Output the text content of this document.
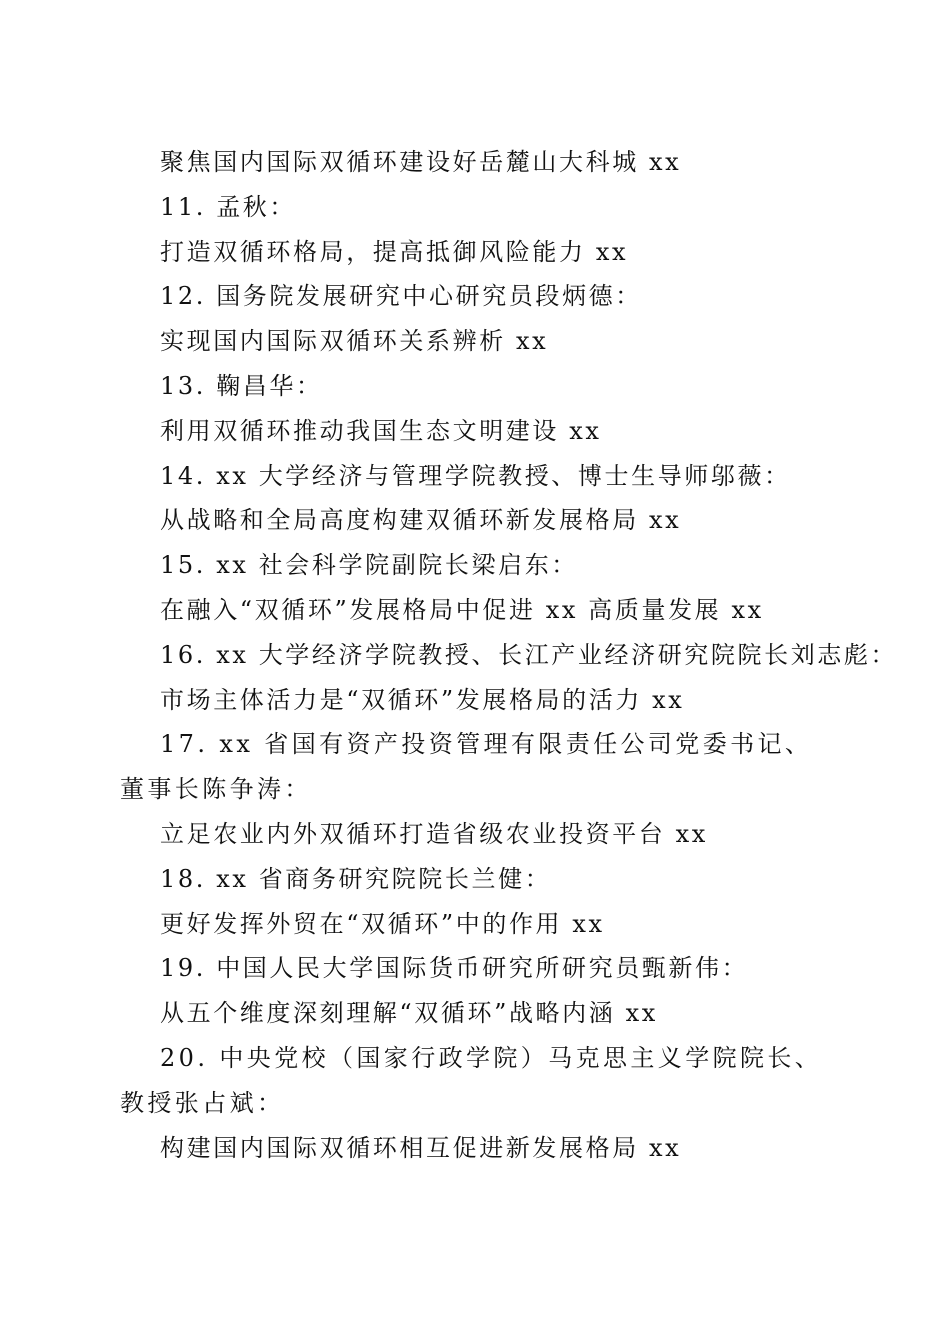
聚焦国内国际双循环建设好岳麓山大科城 xx

11. 孟秋：

打造双循环格局，提高抵御风险能力 xx

12. 国务院发展研究中心研究员段炳德：

实现国内国际双循环关系辨析 xx

13. 鞠昌华：

利用双循环推动我国生态文明建设 xx

14. xx 大学经济与管理学院教授、博士生导师邬薇：

从战略和全局高度构建双循环新发展格局 xx

15. xx 社会科学院副院长梁启东：

在融入“双循环”发展格局中促进 xx 高质量发展 xx

16. xx 大学经济学院教授、长江产业经济研究院院长刘志彪：

市场主体活力是“双循环”发展格局的活力 xx

17. xx 省国有资产投资管理有限责任公司党委书记、董事长陈争涛：

立足农业内外双循环打造省级农业投资平台 xx

18. xx 省商务研究院院长兰健：

更好发挥外贸在“双循环”中的作用 xx

19. 中国人民大学国际货币研究所研究员甄新伟：

从五个维度深刻理解“双循环”战略内涵 xx

20. 中央党校（国家行政学院）马克思主义学院院长、教授张占斌：

构建国内国际双循环相互促进新发展格局 xx
